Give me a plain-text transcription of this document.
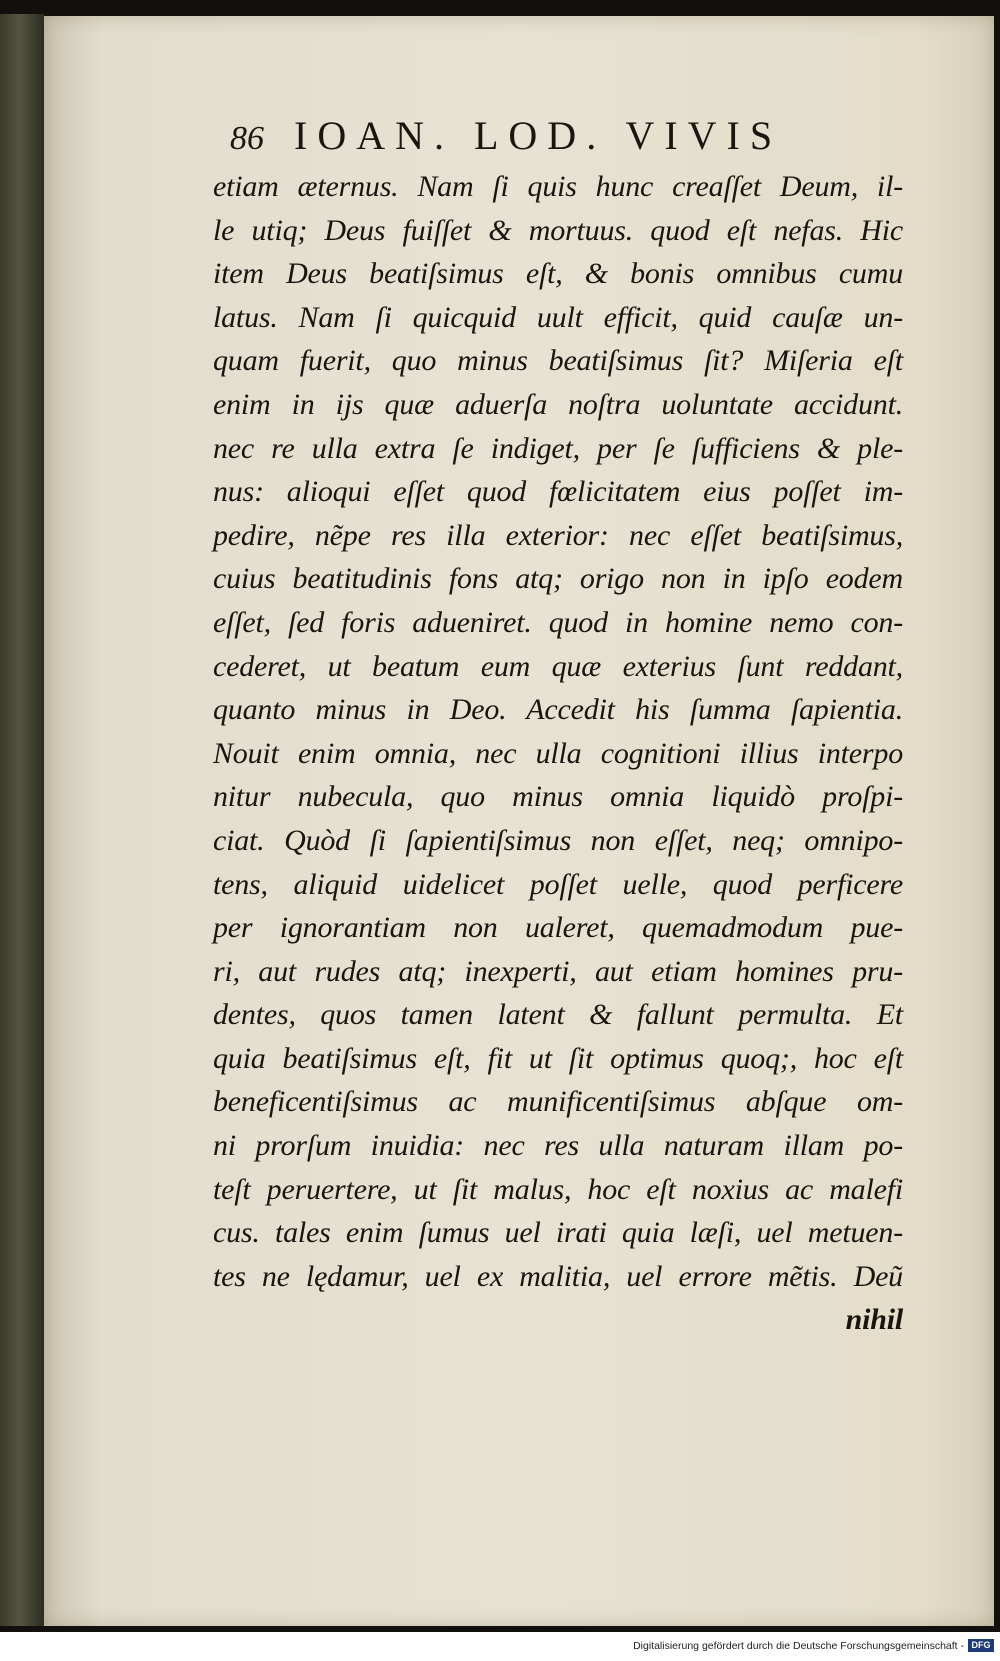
86 IOAN. LOD. VIVIS
etiam æternus. Nam ſi quis hunc creaſſet Deum, il-
le utiq; Deus fuiſſet & mortuus. quod eſt nefas. Hic
item Deus beatiſsimus eſt, & bonis omnibus cumu
latus. Nam ſi quicquid uult efficit, quid cauſæ un-
quam fuerit, quo minus beatiſsimus ſit? Miſeria eſt
enim in ijs quæ aduerſa noſtra uoluntate accidunt.
nec re ulla extra ſe indiget, per ſe ſufficiens & ple-
nus: alioqui eſſet quod fœlicitatem eius poſſet im-
pedire, nẽpe res illa exterior: nec eſſet beatiſsimus,
cuius beatitudinis fons atq; origo non in ipſo eodem
eſſet, ſed foris adueniret. quod in homine nemo con-
cederet, ut beatum eum quæ exterius ſunt reddant,
quanto minus in Deo. Accedit his ſumma ſapientia.
Nouit enim omnia, nec ulla cognitioni illius interpo
nitur nubecula, quo minus omnia liquidò proſpi-
ciat. Quòd ſi ſapientiſsimus non eſſet, neq; omnipo-
tens, aliquid uidelicet poſſet uelle, quod perficere
per ignorantiam non ualeret, quemadmodum pue-
ri, aut rudes atq; inexperti, aut etiam homines pru-
dentes, quos tamen latent & fallunt permulta. Et
quia beatiſsimus eſt, fit ut ſit optimus quoq;, hoc eſt
beneficentiſsimus ac munificentiſsimus abſque om-
ni prorſum inuidia: nec res ulla naturam illam po-
teſt peruertere, ut ſit malus, hoc eſt noxius ac malefi
cus. tales enim ſumus uel irati quia læſi, uel metuen-
tes ne lędamur, uel ex malitia, uel errore mẽtis. Deũ
nihil
Digitalisierung gefördert durch die Deutsche Forschungsgemeinschaft - DFG
